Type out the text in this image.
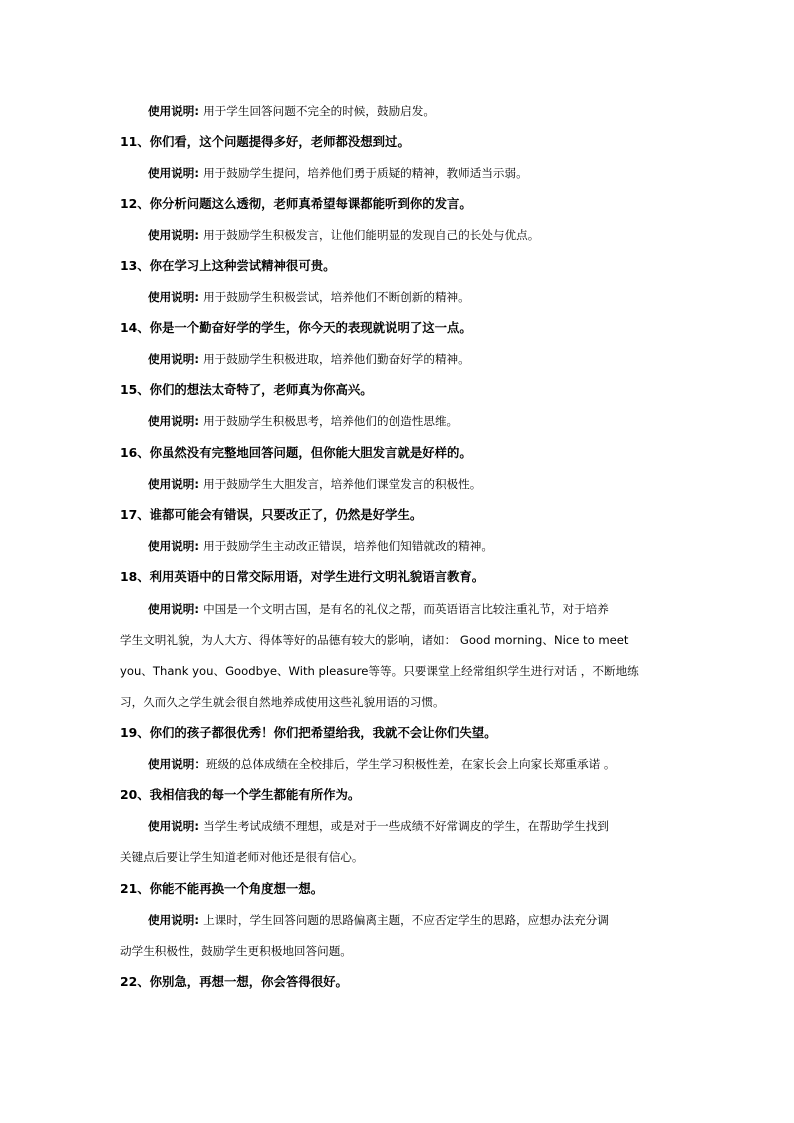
使用说明: 用于学生回答问题不完全的时候，鼓励启发。
11、你们看，这个问题提得多好，老师都没想到过。
使用说明: 用于鼓励学生提问，培养他们勇于质疑的精神，教师适当示弱。
12、你分析问题这么透彻，老师真希望每课都能听到你的发言。
使用说明: 用于鼓励学生积极发言，让他们能明显的发现自己的长处与优点。
13、你在学习上这种尝试精神很可贵。
使用说明: 用于鼓励学生积极尝试，培养他们不断创新的精神。
14、你是一个勤奋好学的学生，你今天的表现就说明了这一点。
使用说明: 用于鼓励学生积极进取，培养他们勤奋好学的精神。
15、你们的想法太奇特了，老师真为你高兴。
使用说明: 用于鼓励学生积极思考，培养他们的创造性思维。
16、你虽然没有完整地回答问题，但你能大胆发言就是好样的。
使用说明: 用于鼓励学生大胆发言，培养他们课堂发言的积极性。
17、谁都可能会有错误，只要改正了，仍然是好学生。
使用说明: 用于鼓励学生主动改正错误，培养他们知错就改的精神。
18、利用英语中的日常交际用语，对学生进行文明礼貌语言教育。
使用说明: 中国是一个文明古国，是有名的礼仪之帮，而英语语言比较注重礼节，对于培养
学生文明礼貌，为人大方、得体等好的品德有较大的影响，诸如： Good morning、Nice to meet
you、Thank you、Goodbye、With pleasure等等。只要课堂上经常组织学生进行对话 ，不断地练
习，久而久之学生就会很自然地养成使用这些礼貌用语的习惯。
19、你们的孩子都很优秀！你们把希望给我，我就不会让你们失望。
使用说明：班级的总体成绩在全校排后，学生学习积极性差，在家长会上向家长郑重承诺 。
20、我相信我的每一个学生都能有所作为。
使用说明: 当学生考试成绩不理想，或是对于一些成绩不好常调皮的学生，在帮助学生找到
关键点后要让学生知道老师对他还是很有信心。
21、你能不能再换一个角度想一想。
使用说明: 上课时，学生回答问题的思路偏离主题，不应否定学生的思路，应想办法充分调
动学生积极性，鼓励学生更积极地回答问题。
22、你别急，再想一想，你会答得很好。
